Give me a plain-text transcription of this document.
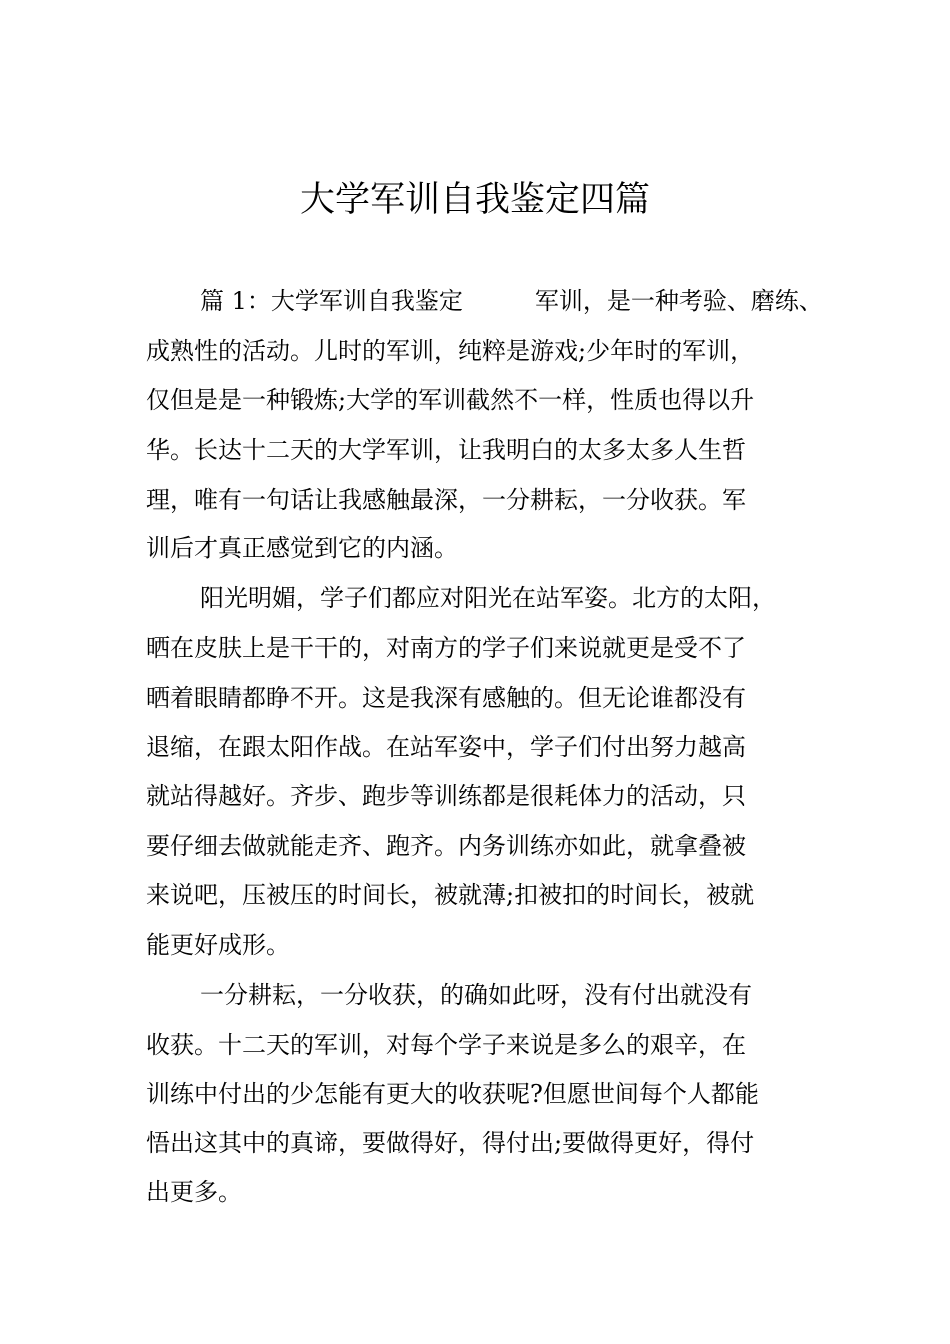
大学军训自我鉴定四篇

篇 1：大学军训自我鉴定　　　军训，是一种考验、磨练、

成熟性的活动。儿时的军训，纯粹是游戏;少年时的军训，

仅但是是一种锻炼;大学的军训截然不一样，性质也得以升

华。长达十二天的大学军训，让我明白的太多太多人生哲

理，唯有一句话让我感触最深，一分耕耘，一分收获。军

训后才真正感觉到它的内涵。

阳光明媚，学子们都应对阳光在站军姿。北方的太阳，

晒在皮肤上是干干的，对南方的学子们来说就更是受不了

晒着眼睛都睁不开。这是我深有感触的。但无论谁都没有

退缩，在跟太阳作战。在站军姿中，学子们付出努力越高

就站得越好。齐步、跑步等训练都是很耗体力的活动，只

要仔细去做就能走齐、跑齐。内务训练亦如此，就拿叠被

来说吧，压被压的时间长，被就薄;扣被扣的时间长，被就

能更好成形。

一分耕耘，一分收获，的确如此呀，没有付出就没有

收获。十二天的军训，对每个学子来说是多么的艰辛，在

训练中付出的少怎能有更大的收获呢?但愿世间每个人都能

悟出这其中的真谛，要做得好，得付出;要做得更好，得付

出更多。
